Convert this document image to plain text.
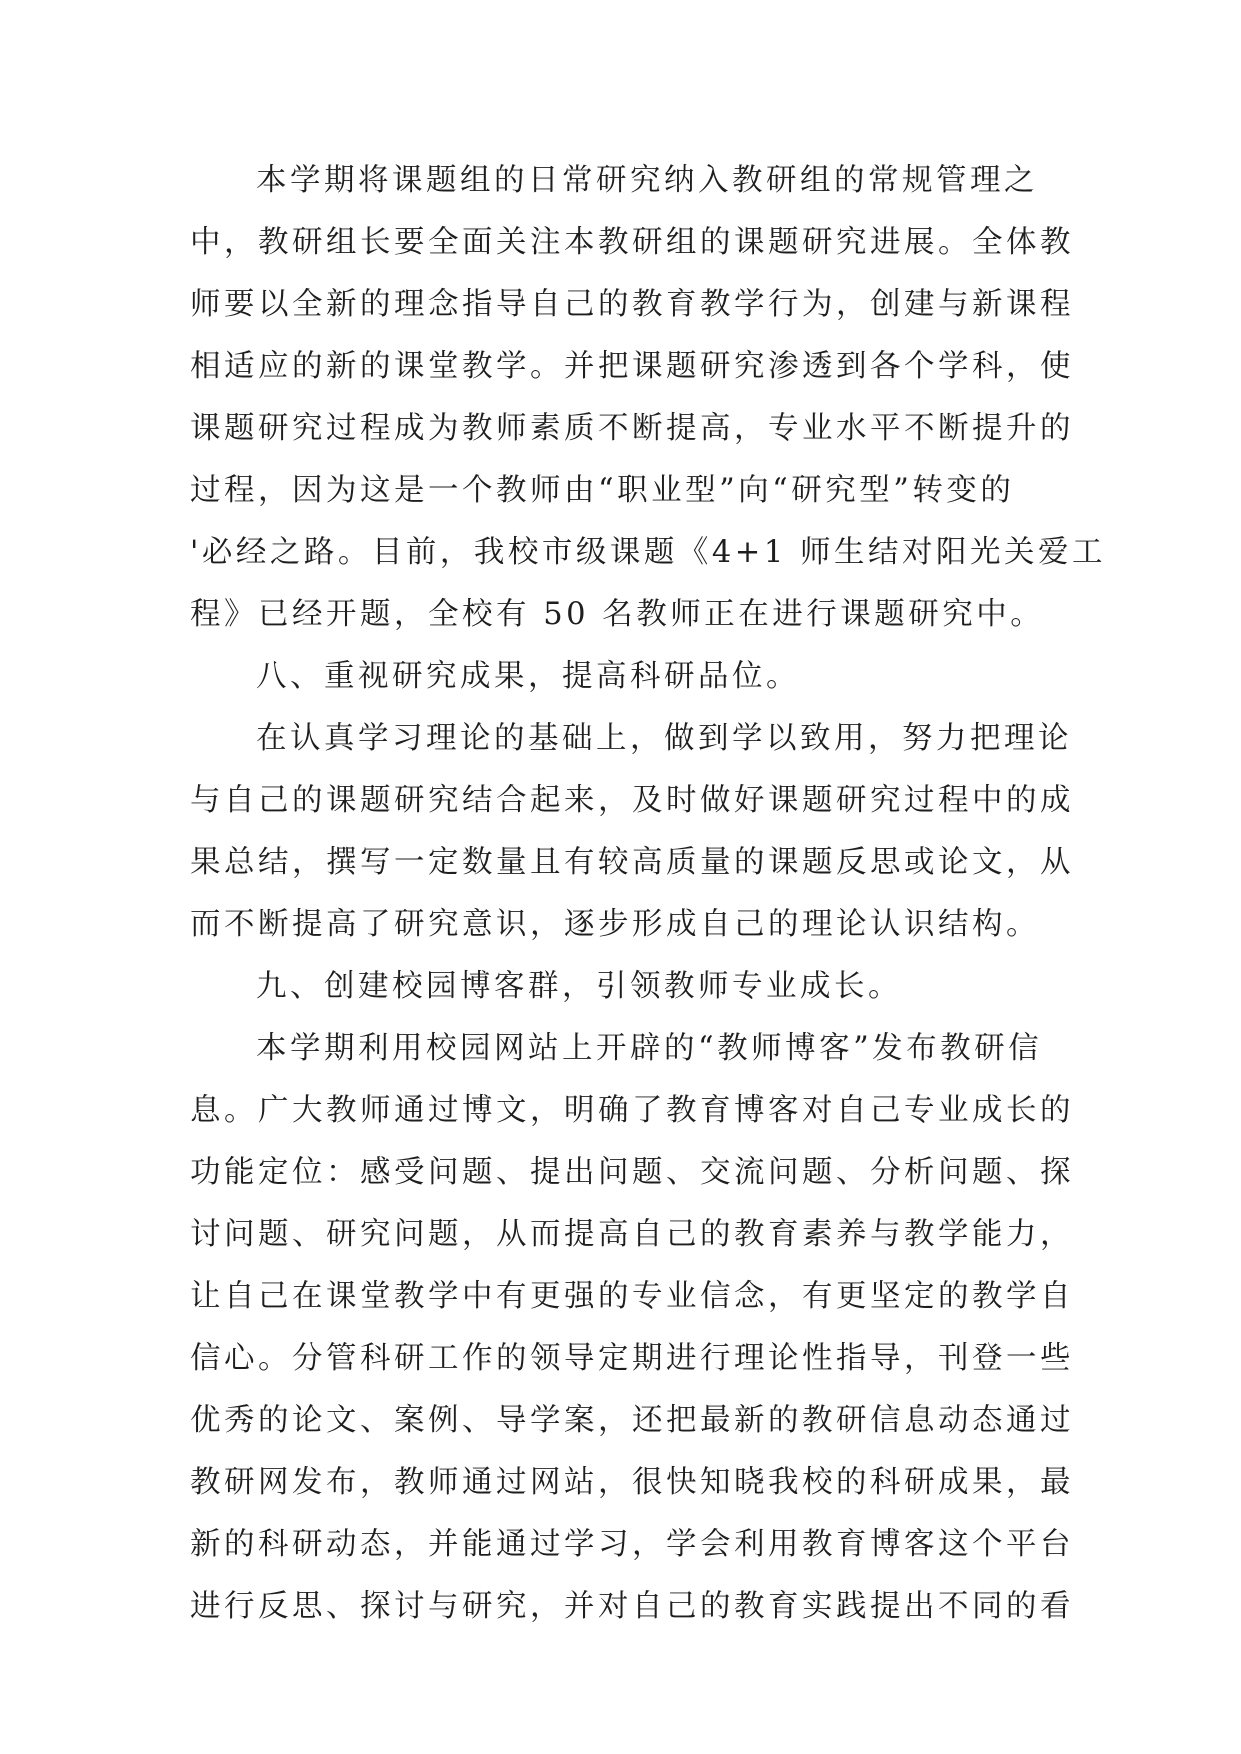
本学期将课题组的日常研究纳入教研组的常规管理之
中，教研组长要全面关注本教研组的课题研究进展。全体教
师要以全新的理念指导自己的教育教学行为，创建与新课程
相适应的新的课堂教学。并把课题研究渗透到各个学科，使
课题研究过程成为教师素质不断提高，专业水平不断提升的
过程，因为这是一个教师由“职业型”向“研究型”转变的
'必经之路。目前，我校市级课题《4+1 师生结对阳光关爱工
程》已经开题，全校有 50 名教师正在进行课题研究中。
八、重视研究成果，提高科研品位。
在认真学习理论的基础上，做到学以致用，努力把理论
与自己的课题研究结合起来，及时做好课题研究过程中的成
果总结，撰写一定数量且有较高质量的课题反思或论文，从
而不断提高了研究意识，逐步形成自己的理论认识结构。
九、创建校园博客群，引领教师专业成长。
本学期利用校园网站上开辟的“教师博客”发布教研信
息。广大教师通过博文，明确了教育博客对自己专业成长的
功能定位：感受问题、提出问题、交流问题、分析问题、探
讨问题、研究问题，从而提高自己的教育素养与教学能力，
让自己在课堂教学中有更强的专业信念，有更坚定的教学自
信心。分管科研工作的领导定期进行理论性指导，刊登一些
优秀的论文、案例、导学案，还把最新的教研信息动态通过
教研网发布，教师通过网站，很快知晓我校的科研成果，最
新的科研动态，并能通过学习，学会利用教育博客这个平台
进行反思、探讨与研究，并对自己的教育实践提出不同的看
